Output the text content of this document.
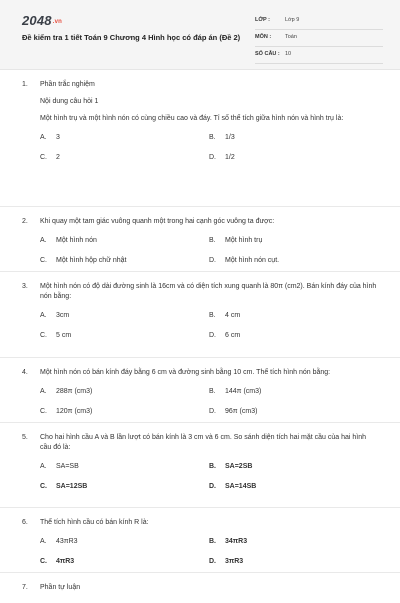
2048.vn
Đề kiểm tra 1 tiết Toán 9 Chương 4 Hình học có đáp án (Đề 2)
LỚP :	Lớp 9
MÔN :	Toán
SỐ CÂU : 10
1. Phần trắc nghiệm
Nội dung câu hỏi 1
Một hình trụ và một hình nón có cùng chiều cao và đáy. Tỉ số thể tích giữa hình nón và hình trụ là:
A. 3	B. 1/3
C. 2	D. 1/2
2. Khi quay một tam giác vuông quanh một trong hai cạnh góc vuông ta được:
A. Một hình nón	B. Một hình trụ
C. Một hình hộp chữ nhật	D. Một hình nón cụt.
3. Một hình nón có độ dài đường sinh là 16cm và có diện tích xung quanh là 80π (cm2). Bán kính đáy của hình nón bằng:
A. 3cm	B. 4 cm
C. 5 cm	D. 6 cm
4. Một hình nón có bán kính đáy bằng 6 cm và đường sinh bằng 10 cm. Thể tích hình nón bằng:
A. 288π (cm3)	B. 144π (cm3)
C. 120π (cm3)	D. 96π (cm3)
5. Cho hai hình cầu A và B lần lượt có bán kính là 3 cm và 6 cm. So sánh diện tích hai mặt cầu của hai hình cầu đó là:
A. SA=SB	B. SA=2SB
C. SA=12SB	D. SA=14SB
6. Thể tích hình cầu có bán kính R là:
A. 43πR3	B. 34πR3
C. 4πR3	D. 3πR3
7. Phần tự luận
